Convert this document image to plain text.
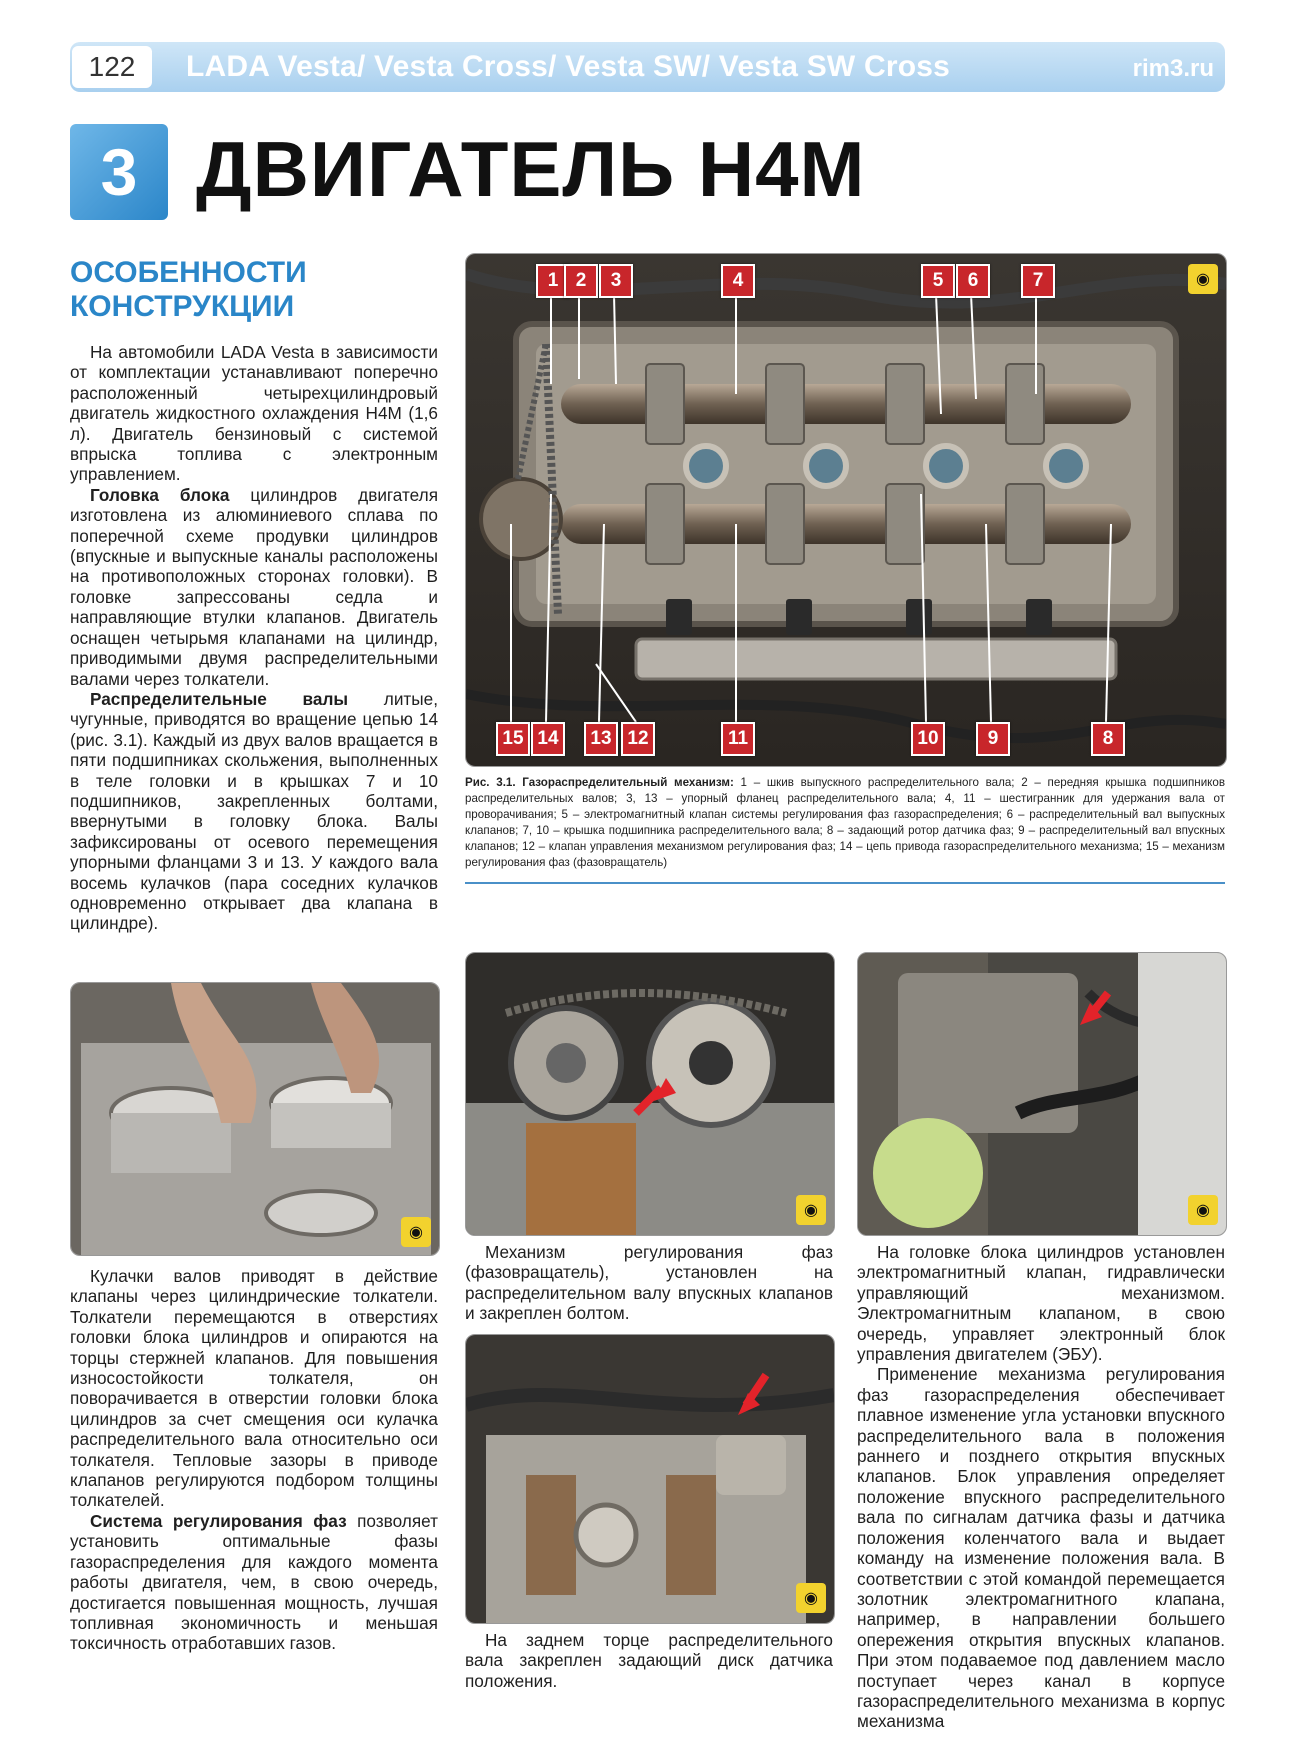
122	LADA Vesta/ Vesta Cross/ Vesta SW/ Vesta SW Cross	rim3.ru
3 ДВИГАТЕЛЬ Н4М
ОСОБЕННОСТИ
КОНСТРУКЦИИ

На автомобили LADA Vesta в зависимости от комплектации устанавливают поперечно расположенный четырехцилиндровый двигатель жидкостного охлаждения H4M (1,6 л). Двигатель бензиновый с системой впрыска топлива с электронным управлением.

Головка блока цилиндров двигателя изготовлена из алюминиевого сплава по поперечной схеме продувки цилиндров (впускные и выпускные каналы расположены на противоположных сторонах головки). В головке запрессованы седла и направляющие втулки клапанов. Двигатель оснащен четырьмя клапанами на цилиндр, приводимыми двумя распределительными валами через толкатели.

Распределительные валы литые, чугунные, приводятся во вращение цепью 14 (рис. 3.1). Каждый из двух валов вращается в пяти подшипниках скольжения, выполненных в теле головки и в крышках 7 и 10 подшипников, закрепленных болтами, ввернутыми в головку блока. Валы зафиксированы от осевого перемещения упорными фланцами 3 и 13. У каждого вала восемь кулачков (пара соседних кулачков одновременно открывает два клапана в цилиндре).

1 2	3	4	5	6	7
15 14	13 12	11	10	9	8
◉
Рис. 3.1. Газораспределительный механизм: 1 – шкив выпускного распределительного вала; 2 – передняя крышка подшипников распределительных валов; 3, 13 – упорный фланец распределительного вала; 4, 11 – шестигранник для удержания вала от проворачивания; 5 – электромагнитный клапан системы регулирования фаз газораспределения; 6 – распределительный вал выпускных клапанов; 7, 10 – крышка подшипника распределительного вала; 8 – задающий ротор датчика фаз; 9 – распределительный вал впускных клапанов; 12 – клапан управления механизмом регулирования фаз; 14 – цепь привода газораспределительного механизма; 15 – механизм регулирования фаз (фазовращатель)
◉

Кулачки валов приводят в действие клапаны через цилиндрические толкатели. Толкатели перемещаются в отверстиях головки блока цилиндров и опираются на торцы стержней клапанов. Для повышения износостойкости толкателя, он поворачивается в отверстии головки блока цилиндров за счет смещения оси кулачка распределительного вала относительно оси толкателя. Тепловые зазоры в приводе клапанов регулируются подбором толщины толкателей.

Система регулирования фаз позволяет установить оптимальные фазы газораспределения для каждого момента работы двигателя, чем, в свою очередь, достигается повышенная мощность, лучшая топливная экономичность и меньшая токсичность отработавших газов.

◉

Механизм регулирования фаз (фазовращатель), установлен на распределительном валу впускных клапанов и закреплен болтом.

◉

На головке блока цилиндров установлен электромагнитный клапан, гидравлически управляющий механизмом. Электромагнитным клапаном, в свою очередь, управляет электронный блок управления двигателем (ЭБУ).

Применение механизма регулирования фаз газораспределения обеспечивает плавное изменение угла установки впускного распределительного вала в положения раннего и позднего открытия впускных клапанов. Блок управления определяет положение впускного распределительного вала по сигналам датчика фазы и датчика положения коленчатого вала и выдает команду на изменение положения вала. В соответствии с этой командой перемещается золотник электромагнитного клапана, например, в направлении большего опережения открытия впускных клапанов. При этом подаваемое под давлением масло поступает через канал в корпусе газораспределительного механизма в корпус механизма

◉

На заднем торце распределительного вала закреплен задающий диск датчика положения.
